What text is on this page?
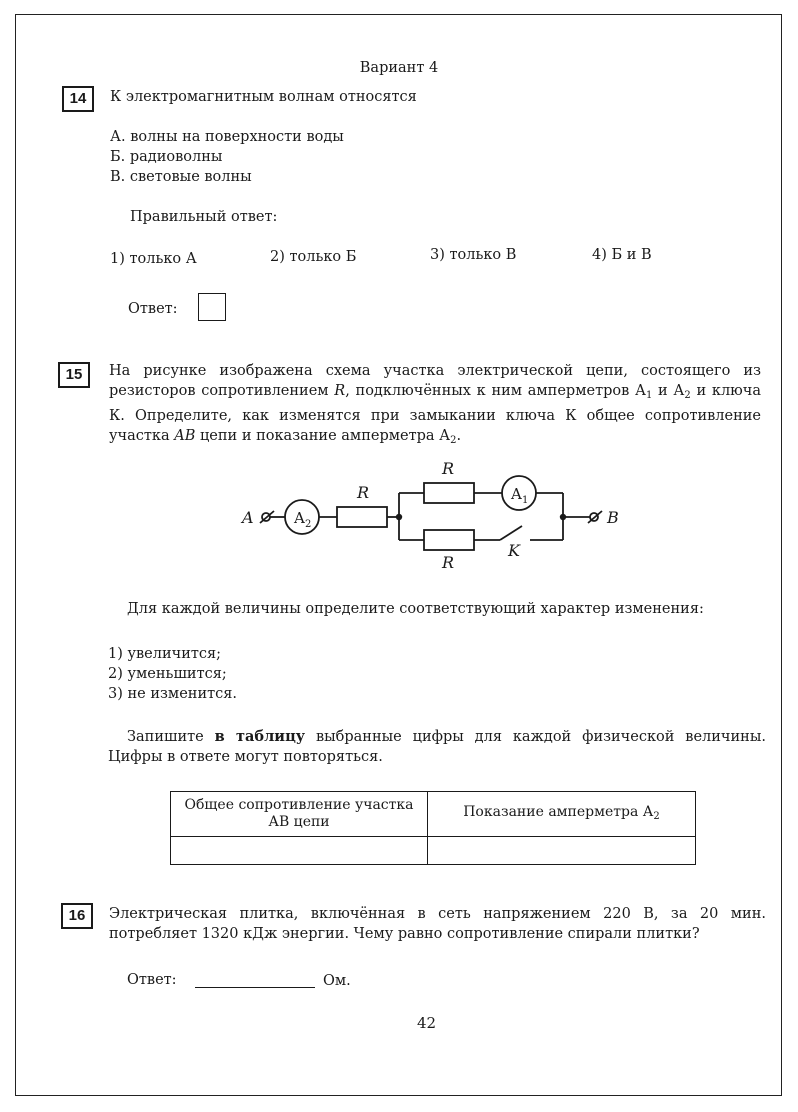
Вариант 4
14	К электромагнитным волнам относятся
А. волны на поверхности воды
Б. радиоволны
В. световые волны
Правильный ответ:
1) только А	2) только Б	3) только В	4) Б и В
Ответ:
15	На рисунке изображена схема участка электрической цепи, состоящего из резисторов сопротивлением R, подключённых к ним амперметров $А_1$ и $А_2$ и ключа К. Определите, как изменятся при замыкании ключа К общее сопротивление участка AB цепи и показание амперметра $А_2$.

A	B
R
R
R
K
A 2
A 1
Для каждой величины определите соответствующий характер изменения:
1) увеличится;
2) уменьшится;
3) не изменится.

Запишите в таблицу выбранные цифры для каждой физической величины. Цифры в ответе могут повторяться.

Общее сопротивление участка АВ цепи	Показание амперметра $А_2$

16	Электрическая плитка, включённая в сеть напряжением 220 В, за 20 мин. потребляет 1320 кДж энергии. Чему равно сопротивление спирали плитки?
Ответ:	Ом.
42
